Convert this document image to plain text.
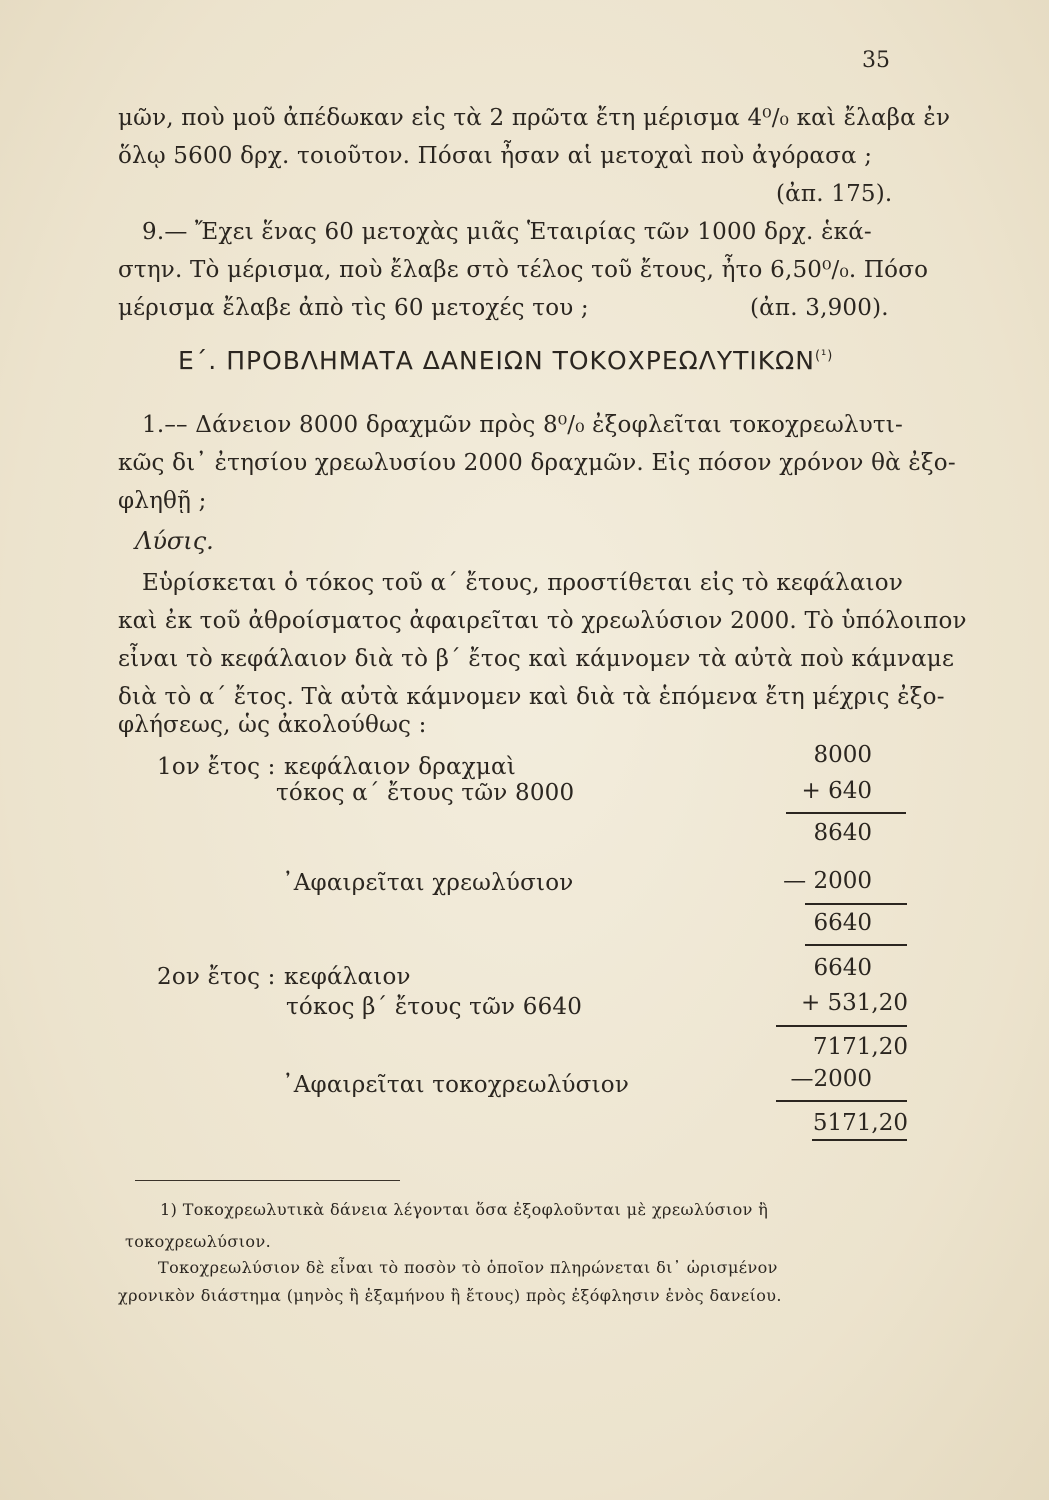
35
μῶν, ποὺ μοῦ ἀπέδωκαν εἰς τὰ 2 πρῶτα ἔτη μέρισμα 4⁰/₀ καὶ ἔλαβα ἐν
ὅλῳ 5600 δρχ. τοιοῦτον. Πόσαι ἦσαν αἱ μετοχαὶ ποὺ ἀγόρασα ;
(ἀπ. 175).
9.— Ἔχει ἕνας 60 μετοχὰς μιᾶς Ἑταιρίας τῶν 1000 δρχ. ἑκά-
στην. Τὸ μέρισμα, ποὺ ἔλαβε στὸ τέλος τοῦ ἔτους, ἦτο 6,50⁰/₀. Πόσο
μέρισμα ἔλαβε ἀπὸ τὶς 60 μετοχές του ;	(ἀπ. 3,900).
Ε΄. ΠΡΟΒΛΗΜΑΤΑ ΔΑΝΕΙΩΝ $TOKOXPE\Omega\Lambda\Upsilon TIK\Omega N^{(^1)}$
1.–– Δάνειον 8000 δραχμῶν πρὸς 8⁰/₀ ἐξοφλεῖται τοκοχρεωλυτι-
κῶς δι᾽ ἐτησίου χρεωλυσίου 2000 δραχμῶν. Εἰς πόσον χρόνον θὰ ἐξο-
φληθῇ ;
Λύσις.
Εὑρίσκεται ὁ τόκος τοῦ α΄ ἔτους, προστίθεται εἰς τὸ κεφάλαιον
καὶ ἐκ τοῦ ἀθροίσματος ἀφαιρεῖται τὸ χρεωλύσιον 2000. Τὸ ὑπόλοιπον
εἶναι τὸ κεφάλαιον διὰ τὸ β΄ ἔτος καὶ κάμνομεν τὰ αὐτὰ ποὺ κάμναμε
διὰ τὸ α΄ ἔτος. Τὰ αὐτὰ κάμνομεν καὶ διὰ τὰ ἑπόμενα ἔτη μέχρις ἐξο-
φλήσεως, ὡς ἀκολούθως :
1ον ἔτος : κεφάλαιον δραχμαὶ	8000
τόκος α΄ ἔτους τῶν 8000	+ 640
8640
᾽Αφαιρεῖται χρεωλύσιον	— 2000
6640
2ον ἔτος : κεφάλαιον	6640
τόκος β΄ ἔτους τῶν 6640	+ 531,20
7171,20
᾽Αφαιρεῖται τοκοχρεωλύσιον	—2000
5171,20
1) Τοκοχρεωλυτικὰ δάνεια λέγονται ὅσα ἐξοφλοῦνται μὲ χρεωλύσιον ἢ
τοκοχρεωλύσιον.
Τοκοχρεωλύσιον δὲ εἶναι τὸ ποσὸν τὸ ὁποῖον πληρώνεται δι᾽ ὡρισμένον
χρονικὸν διάστημα (μηνὸς ἢ ἑξαμήνου ἢ ἔτους) πρὸς ἐξόφλησιν ἑνὸς δανείου.
